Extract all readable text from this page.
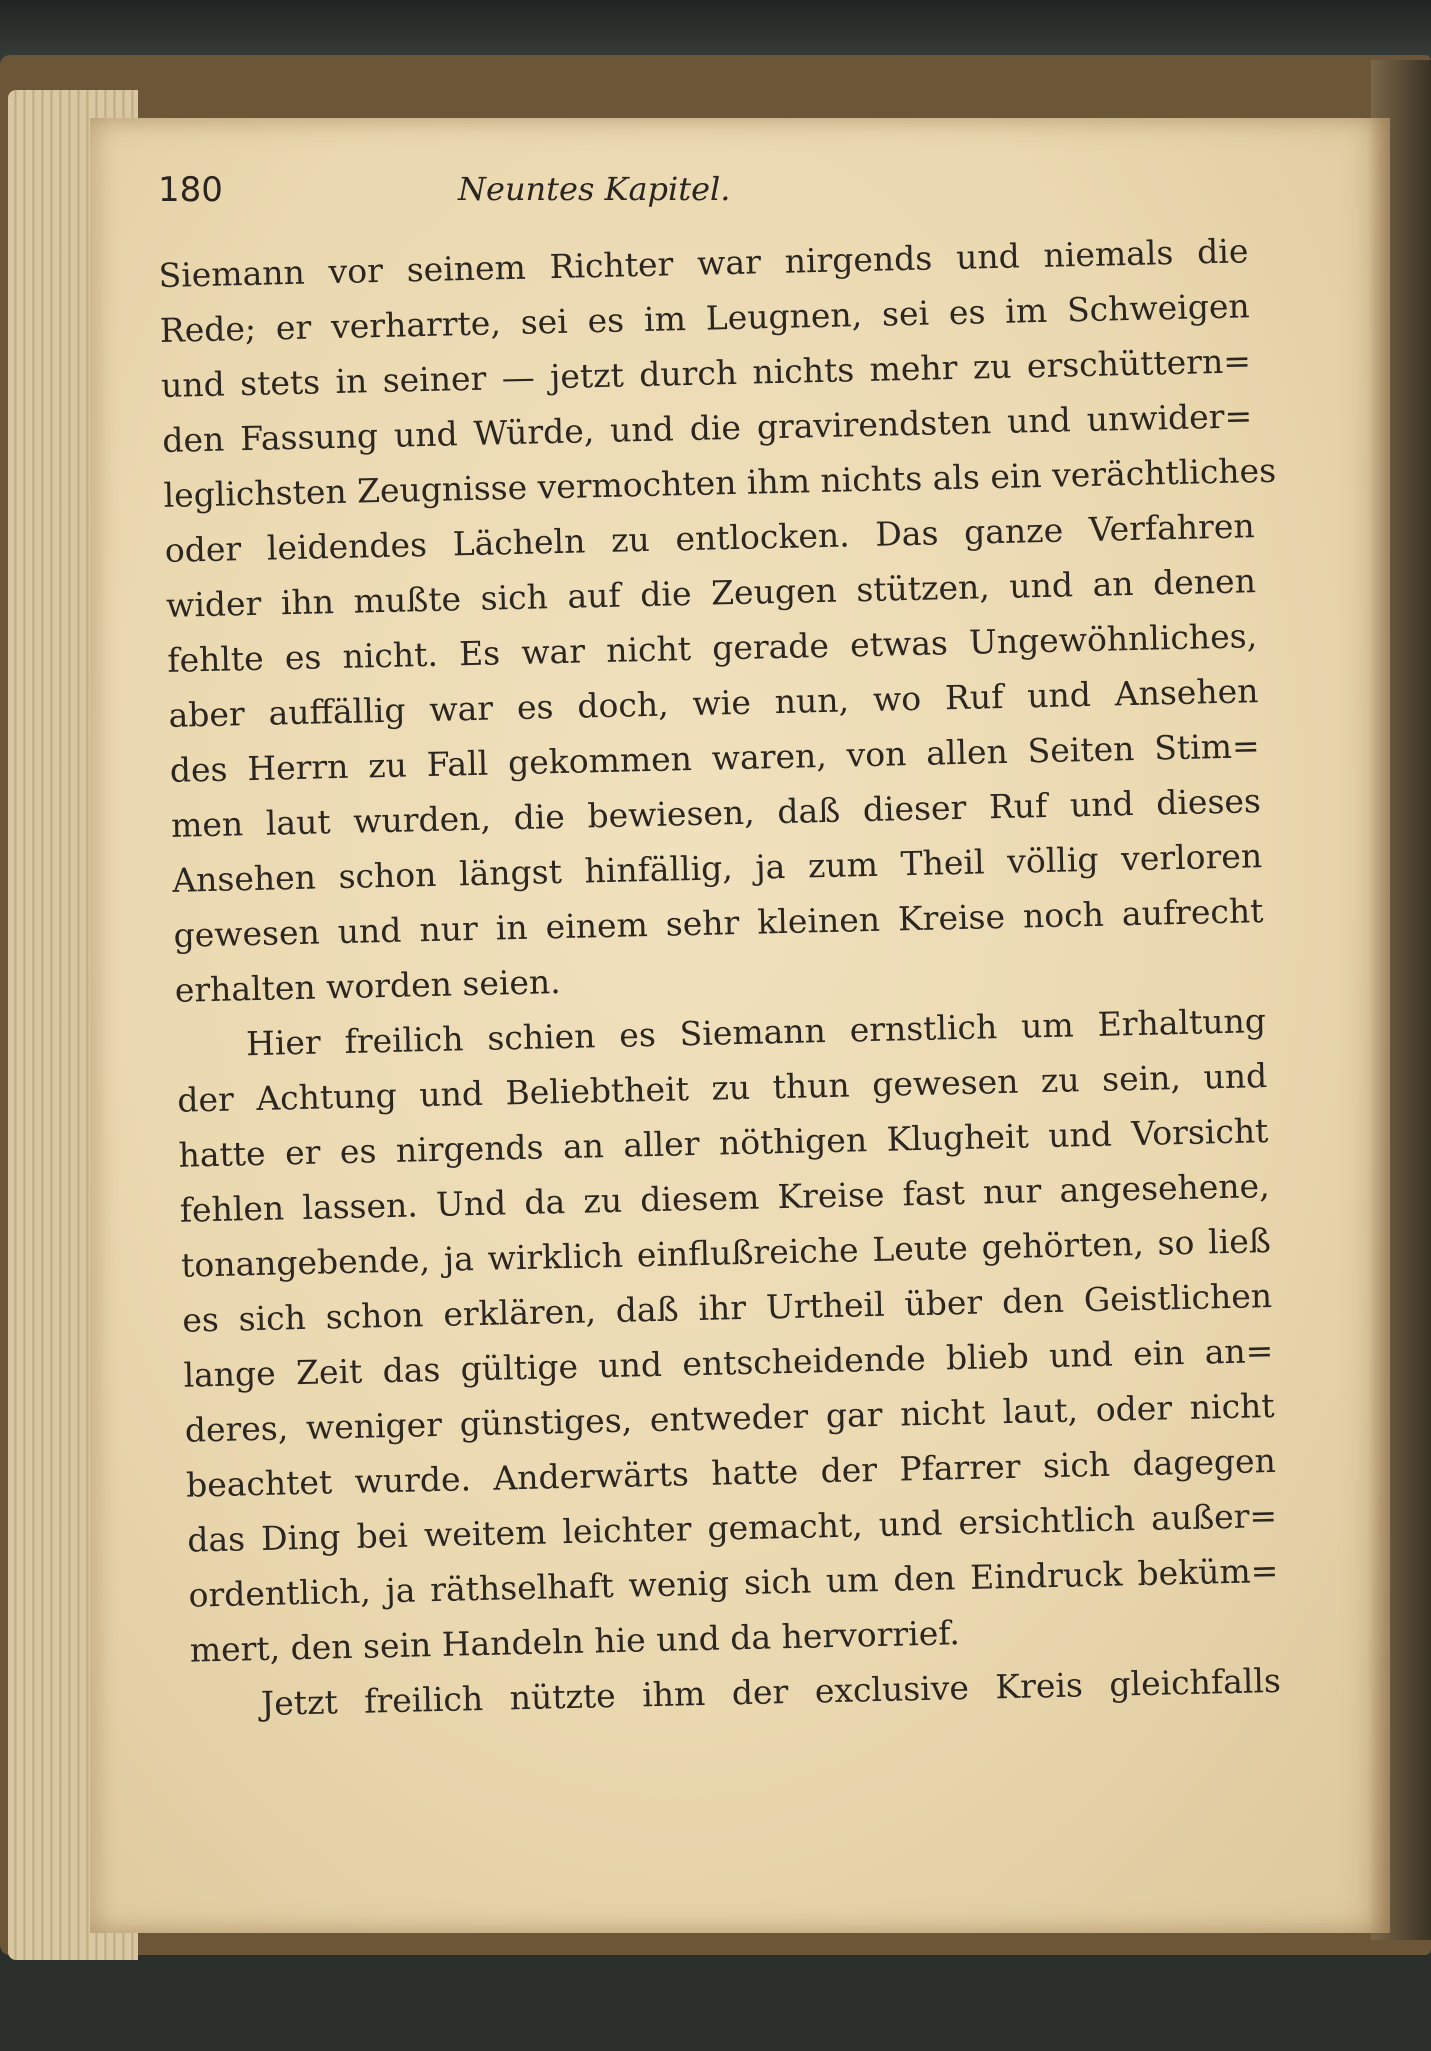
180	Neuntes Kapitel.
Siemann vor seinem Richter war nirgends und niemals die
Rede; er verharrte, sei es im Leugnen, sei es im Schweigen
und stets in seiner — jetzt durch nichts mehr zu erschüttern=
den Fassung und Würde, und die gravirendsten und unwider=
leglichsten Zeugnisse vermochten ihm nichts als ein verächtliches
oder leidendes Lächeln zu entlocken. Das ganze Verfahren
wider ihn mußte sich auf die Zeugen stützen, und an denen
fehlte es nicht. Es war nicht gerade etwas Ungewöhnliches,
aber auffällig war es doch, wie nun, wo Ruf und Ansehen
des Herrn zu Fall gekommen waren, von allen Seiten Stim=
men laut wurden, die bewiesen, daß dieser Ruf und dieses
Ansehen schon längst hinfällig, ja zum Theil völlig verloren
gewesen und nur in einem sehr kleinen Kreise noch aufrecht
erhalten worden seien.
Hier freilich schien es Siemann ernstlich um Erhaltung
der Achtung und Beliebtheit zu thun gewesen zu sein, und
hatte er es nirgends an aller nöthigen Klugheit und Vorsicht
fehlen lassen. Und da zu diesem Kreise fast nur angesehene,
tonangebende, ja wirklich einflußreiche Leute gehörten, so ließ
es sich schon erklären, daß ihr Urtheil über den Geistlichen
lange Zeit das gültige und entscheidende blieb und ein an=
deres, weniger günstiges, entweder gar nicht laut, oder nicht
beachtet wurde. Anderwärts hatte der Pfarrer sich dagegen
das Ding bei weitem leichter gemacht, und ersichtlich außer=
ordentlich, ja räthselhaft wenig sich um den Eindruck beküm=
mert, den sein Handeln hie und da hervorrief.
Jetzt freilich nützte ihm der exclusive Kreis gleichfalls
